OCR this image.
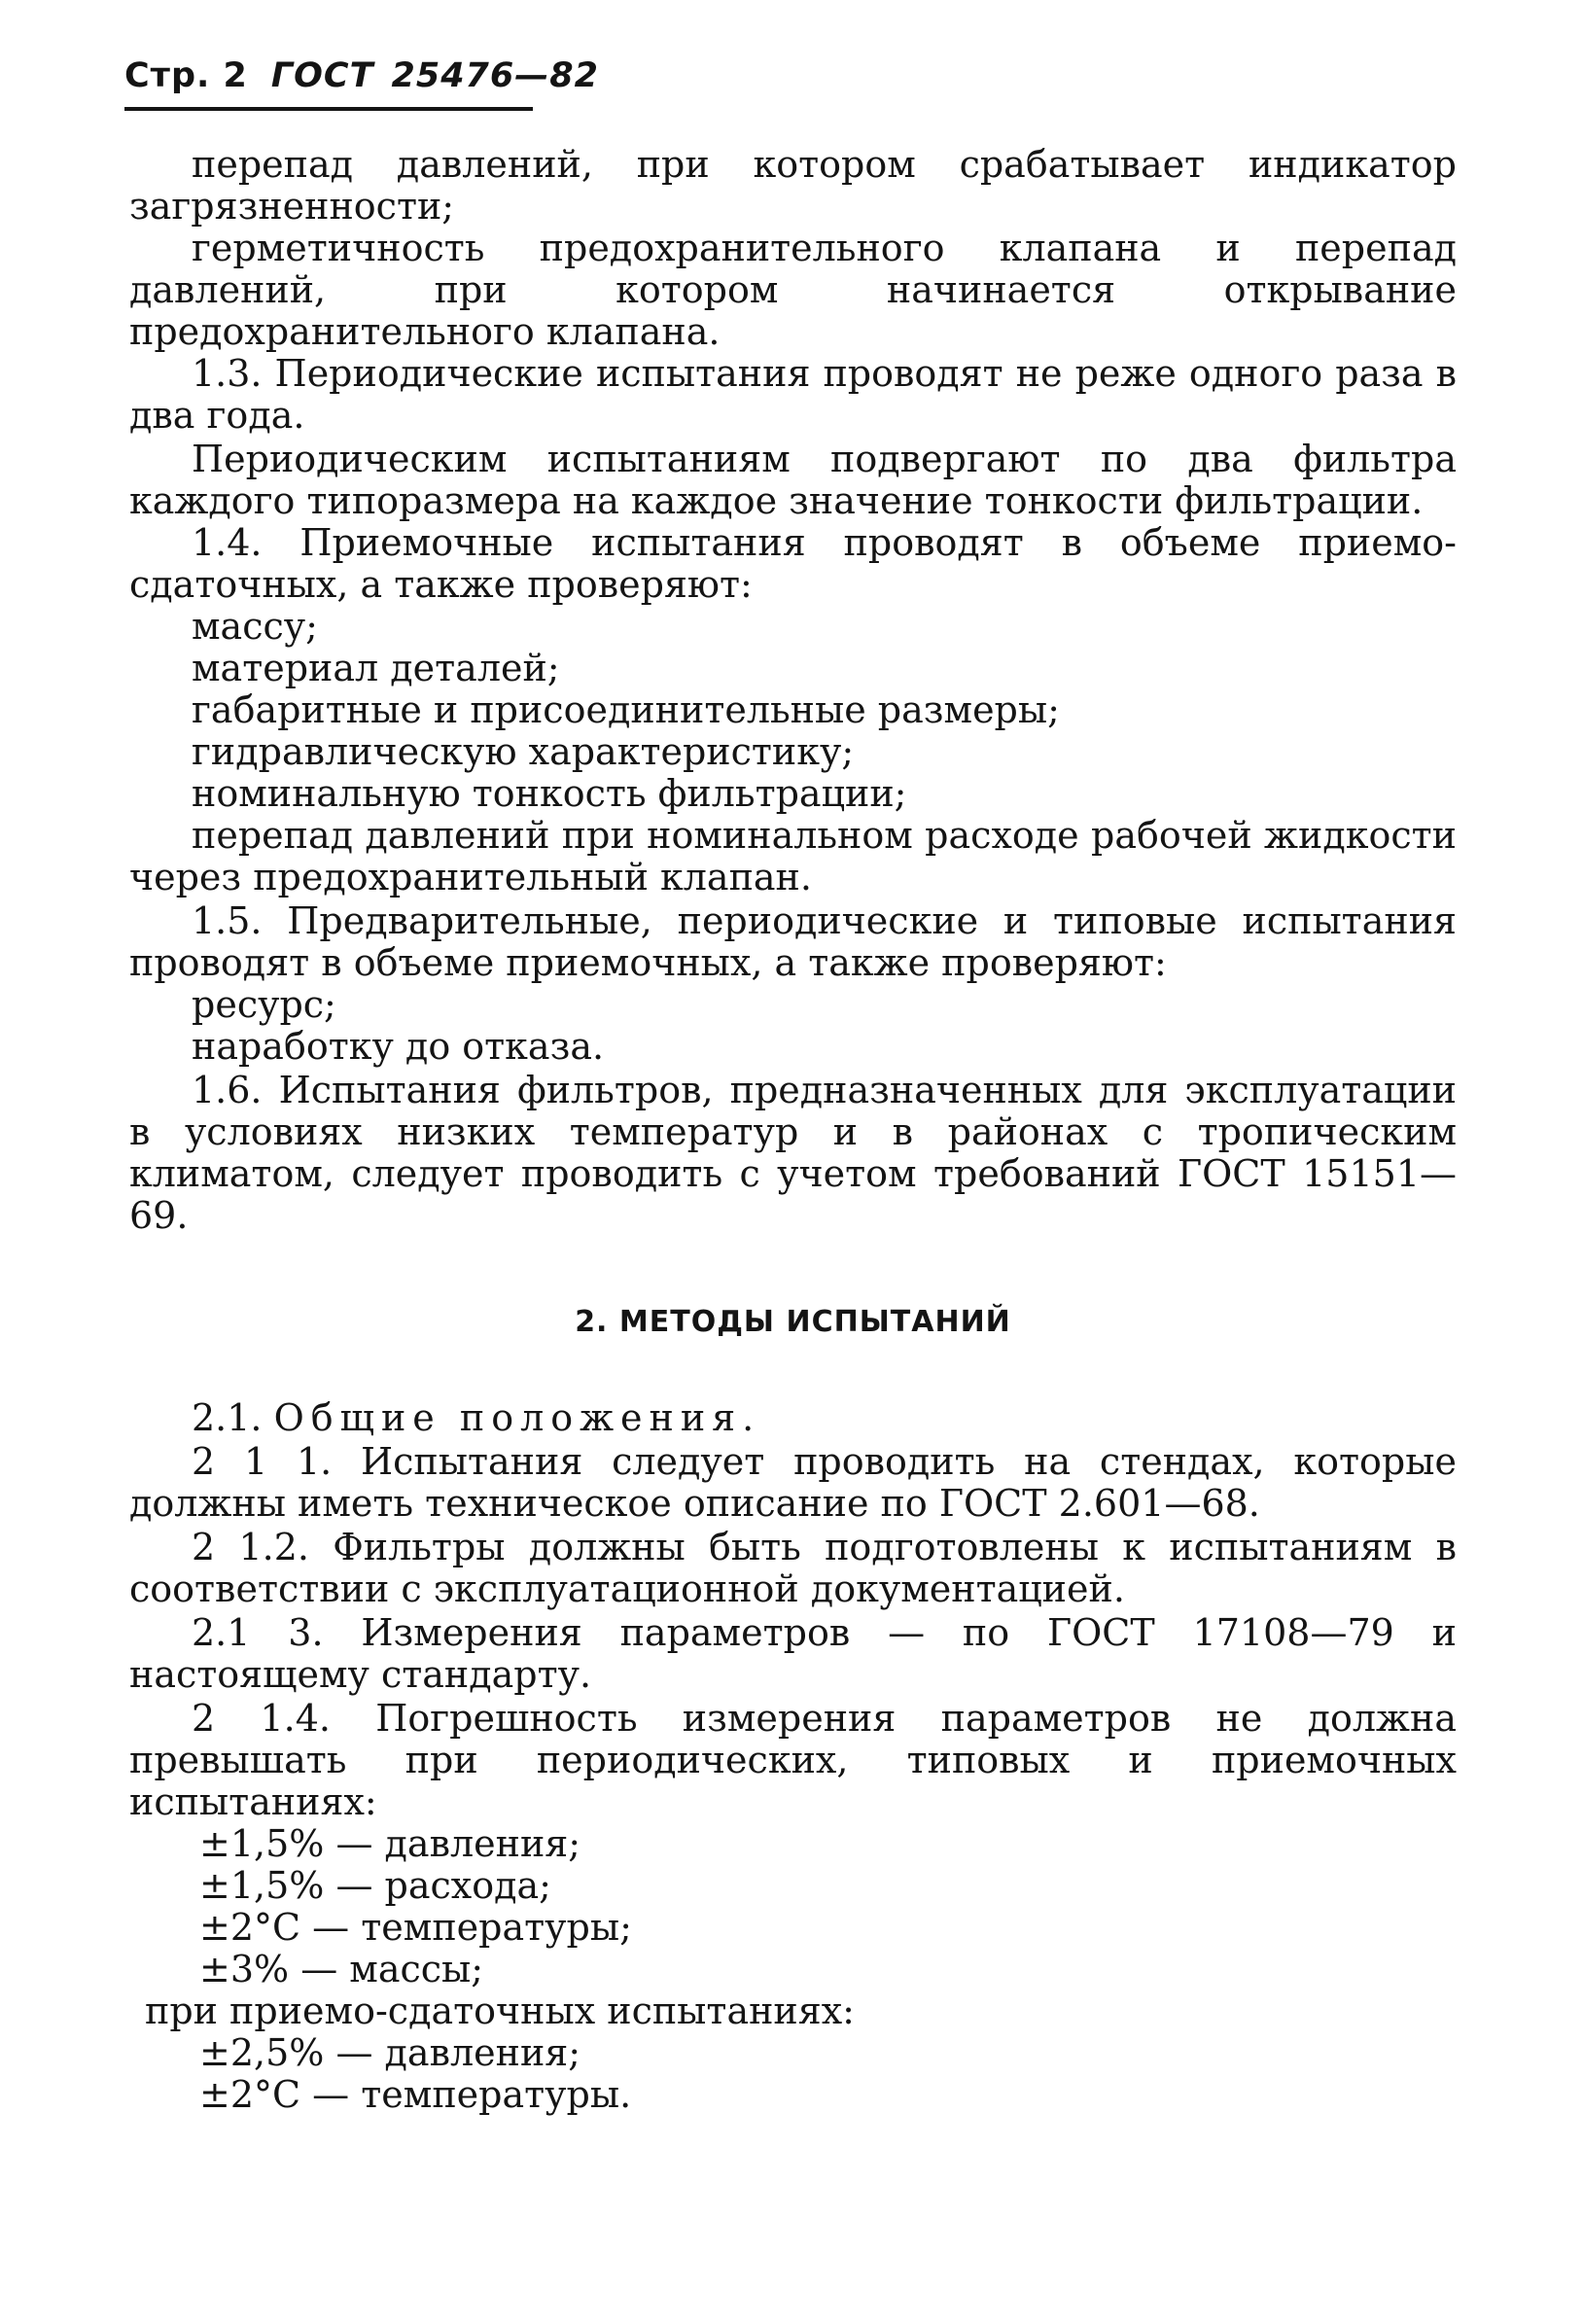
Стр. 2 ГОСТ 25476—82

перепад давлений, при котором срабатывает индикатор загрязненности;

герметичность предохранительного клапана и перепад давлений, при котором начинается открывание предохранительного клапана.

1.3. Периодические испытания проводят не реже одного раза в два года.

Периодическим испытаниям подвергают по два фильтра каждого типоразмера на каждое значение тонкости фильтрации.

1.4. Приемочные испытания проводят в объеме приемо-сдаточных, а также проверяют:

массу;

материал деталей;

габаритные и присоединительные размеры;

гидравлическую характеристику;

номинальную тонкость фильтрации;

перепад давлений при номинальном расходе рабочей жидкости через предохранительный клапан.

1.5. Предварительные, периодические и типовые испытания проводят в объеме приемочных, а также проверяют:

ресурс;

наработку до отказа.

1.6. Испытания фильтров, предназначенных для эксплуатации в условиях низких температур и в районах с тропическим климатом, следует проводить с учетом требований ГОСТ 15151—69.

2. МЕТОДЫ ИСПЫТАНИЙ

2.1. Общие положения.

2 1 1. Испытания следует проводить на стендах, которые должны иметь техническое описание по ГОСТ 2.601—68.

2 1.2. Фильтры должны быть подготовлены к испытаниям в соответствии с эксплуатационной документацией.

2.1 3. Измерения параметров — по ГОСТ 17108—79 и настоящему стандарту.

2 1.4. Погрешность измерения параметров не должна превышать при периодических, типовых и приемочных испытаниях:

±1,5% — давления;

±1,5% — расхода;

±2°С — температуры;

±3% — массы;

при приемо-сдаточных испытаниях:

±2,5% — давления;

±2°С — температуры.
